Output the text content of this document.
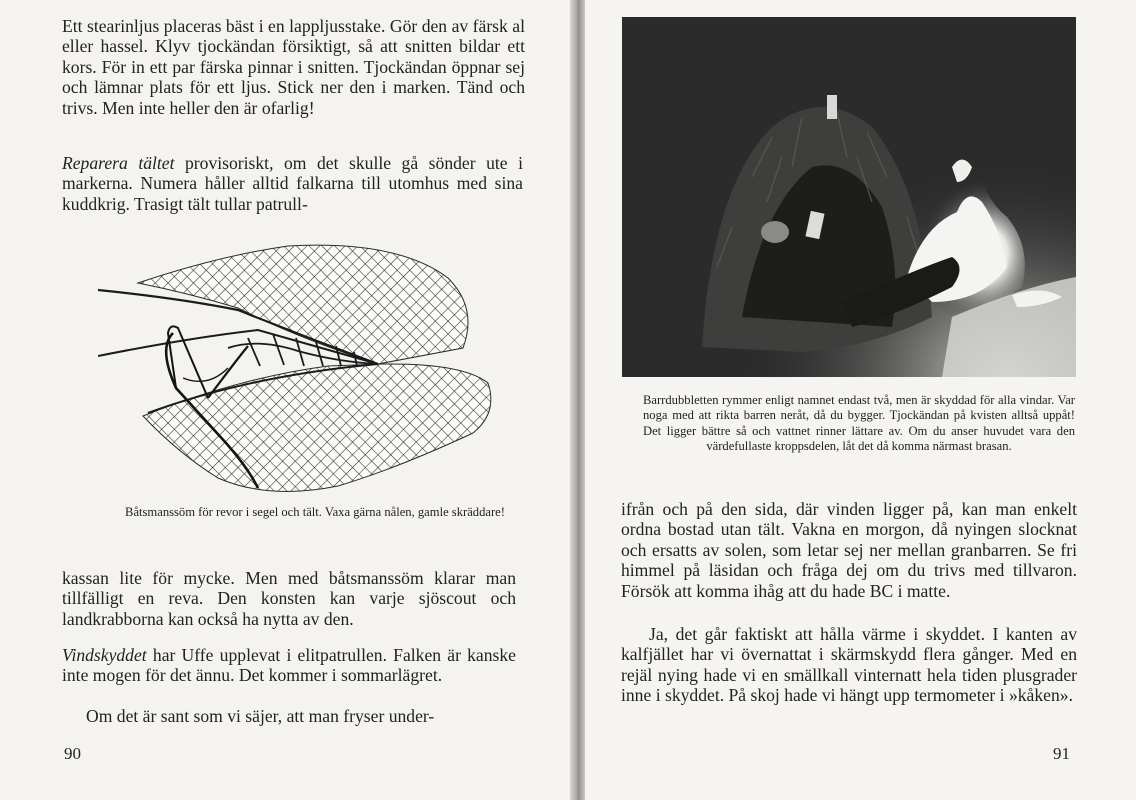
Ett stearinljus placeras bäst i en lappljusstake. Gör den av färsk al eller hassel. Klyv tjockändan försiktigt, så att snitten bildar ett kors. För in ett par färska pinnar i snitten. Tjockändan öppnar sej och lämnar plats för ett ljus. Stick ner den i marken. Tänd och trivs. Men inte heller den är ofarlig!

Reparera tältet provisoriskt, om det skulle gå sönder ute i markerna. Numera håller alltid falkarna till utomhus med sina kuddkrig. Trasigt tält tullar patrull-

Båtsmanssöm för revor i segel och tält. Vaxa gärna nålen, gamle skräddare!

kassan lite för mycke. Men med båtsmanssöm klarar man tillfälligt en reva. Den konsten kan varje sjöscout och landkrabborna kan också ha nytta av den.

Vindskyddet har Uffe upplevat i elitpatrullen. Falken är kanske inte mogen för det ännu. Det kommer i sommarlägret.

Om det är sant som vi säjer, att man fryser under-

90

Barrdubbletten rymmer enligt namnet endast två, men är skyddad för alla vindar. Var noga med att rikta barren neråt, då du bygger. Tjockändan på kvisten alltså uppåt! Det ligger bättre så och vattnet rinner lättare av. Om du anser huvudet vara den värdefullaste kroppsdelen, låt det då komma närmast brasan.

ifrån och på den sida, där vinden ligger på, kan man enkelt ordna bostad utan tält. Vakna en morgon, då nyingen slocknat och ersatts av solen, som letar sej ner mellan granbarren. Se fri himmel på läsidan och fråga dej om du trivs med tillvaron. Försök att komma ihåg att du hade BC i matte.

Ja, det går faktiskt att hålla värme i skyddet. I kanten av kalfjället har vi övernattat i skärmskydd flera gånger. Med en rejäl nying hade vi en smällkall vinternatt hela tiden plusgrader inne i skyddet. På skoj hade vi hängt upp termometer i »kåken».

91
